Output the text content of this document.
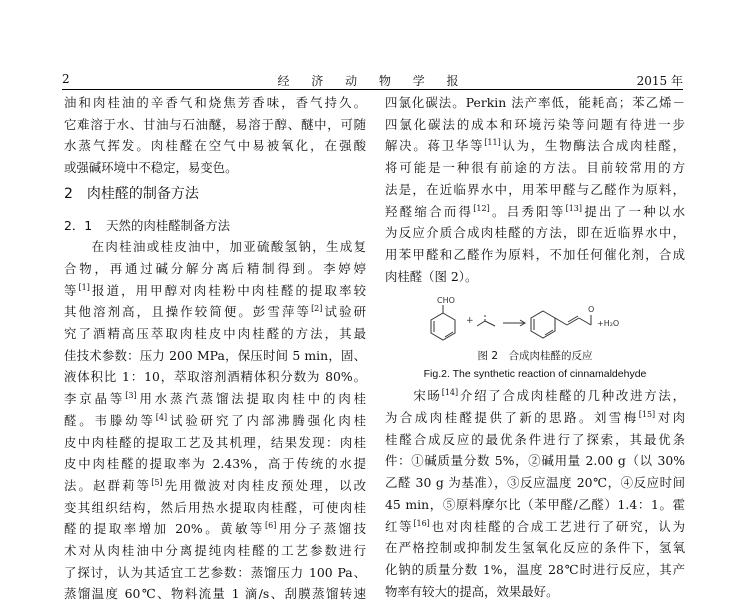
2	经 济 动 物 学 报	2015 年
油和肉桂油的辛香气和烧焦芳香味，香气持久。
它难溶于水、甘油与石油醚，易溶于醇、醚中，可随
水蒸气挥发。肉桂醛在空气中易被氧化，在强酸
或强碱环境中不稳定，易变色。
2 肉桂醛的制备方法
2．1 天然的肉桂醛制备方法
　　在肉桂油或桂皮油中，加亚硫酸氢钠，生成复
合物，再通过碱分解分离后精制得到。李婷婷
等[1]报道，用甲醇对肉桂粉中肉桂醛的提取率较
其他溶剂高，且操作较简便。彭雪萍等[2]试验研
究了酒精高压萃取肉桂皮中肉桂醛的方法，其最
佳技术参数：压力 200 MPa，保压时间 5 min，固、
液体积比 1：10，萃取溶剂酒精体积分数为 80%。
李京晶等[3]用水蒸汽蒸馏法提取肉桂中的肉桂
醛。韦滕幼等[4]试验研究了内部沸腾强化肉桂
皮中肉桂醛的提取工艺及其机理，结果发现：肉桂
皮中肉桂醛的提取率为 2.43%，高于传统的水提
法。赵群莉等[5]先用微波对肉桂皮预处理，以改
变其组织结构，然后用热水提取肉桂醛，可使肉桂
醛的提取率增加 20%。黄敏等[6]用分子蒸馏技
术对从肉桂油中分离提纯肉桂醛的工艺参数进行
了探讨，认为其适宜工艺参数：蒸馏压力 100 Pa、
蒸馏温度 60℃、物料流量 1 滴/s、刮膜蒸馏转速
四氯化碳法。Perkin 法产率低，能耗高；苯乙烯－
四氯化碳法的成本和环境污染等问题有待进一步
解决。蒋卫华等[11]认为，生物酶法合成肉桂醛，
将可能是一种很有前途的方法。目前较常用的方
法是，在近临界水中，用苯甲醛与乙醛作为原料，
羟醛缩合而得[12]。吕秀阳等[13]提出了一种以水
为反应介质合成肉桂醛的方法，即在近临界水中，
用苯甲醛和乙醛作为原料，不加任何催化剂，合成
肉桂醛（图 2）。
CHO
+
O
+H₂O
图 2　合成肉桂醛的反应
Fig.2. The synthetic reaction of cinnamaldehyde
　　宋旸[14]介绍了合成肉桂醛的几种改进方法，
为合成肉桂醛提供了新的思路。刘雪梅[15]对肉
桂醛合成反应的最优条件进行了探索，其最优条
件：①碱质量分数 5%，②碱用量 2.00 g（以 30%
乙醛 30 g 为基准），③反应温度 20℃，④反应时间
45 min，⑤原料摩尔比（苯甲醛/乙醛）1.4：1。霍
红等[16]也对肉桂醛的合成工艺进行了研究，认为
在严格控制或抑制发生氢氧化反应的条件下，氢氧
化钠的质量分数 1%，温度 28℃时进行反应，其产
物率有较大的提高，效果最好。
